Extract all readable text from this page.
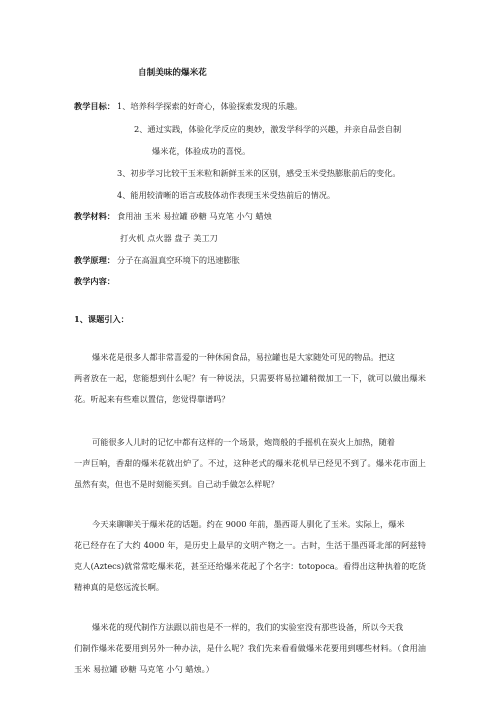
自制美味的爆米花
教学目标： 1、培养科学探索的好奇心，体验探索发现的乐趣。
2、通过实践，体验化学反应的奥妙，激发学科学的兴趣，并亲自品尝自制
爆米花，体验成功的喜悦。
3、初步学习比较干玉米粒和新鲜玉米的区别，感受玉米受热膨胀前后的变化。
4、能用较清晰的语言或肢体动作表现玉米受热前后的情况。
教学材料： 食用油 玉米 易拉罐 砂糖 马克笔 小勺 蜡烛
打火机 点火器 盘子 美工刀
教学原理： 分子在高温真空环境下的迅速膨胀
教学内容：
1、课题引入：
爆米花是很多人都非常喜爱的一种休闲食品，易拉罐也是大家随处可见的物品。把这
两者放在一起，您能想到什么呢？有一种说法，只需要将易拉罐稍微加工一下，就可以做出爆米花。听起来有些难以置信，您觉得靠谱吗？
可能很多人儿时的记忆中都有这样的一个场景，炮筒般的手摇机在炭火上加热，随着
一声巨响，香甜的爆米花就出炉了。不过，这种老式的爆米花机早已经见不到了。爆米花市面上虽然有卖，但也不是时刻能买到。自己动手做怎么样呢？
今天来聊聊关于爆米花的话题。约在 9000 年前，墨西哥人驯化了玉米。实际上，爆米
花已经存在了大约 4000 年，是历史上最早的文明产物之一。古时，生活于墨西哥北部的阿兹特克人(Aztecs)就常常吃爆米花，甚至还给爆米花起了个名字：totopoca。看得出这种执着的吃货精神真的是悠远流长啊。
爆米花的现代制作方法跟以前也是不一样的，我们的实验室没有那些设备，所以今天我
们制作爆米花要用到另外一种办法，是什么呢？我们先来看看做爆米花要用到哪些材料。（食用油 玉米 易拉罐 砂糖 马克笔 小勺 蜡烛。）
